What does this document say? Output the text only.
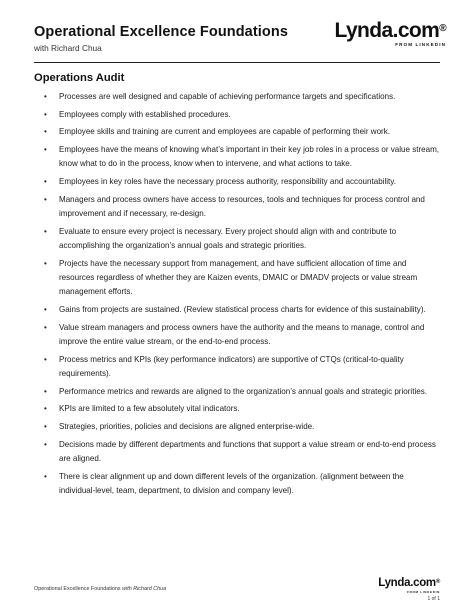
Operational Excellence Foundations
with Richard Chua
Lynda.com®
FROM LINKEDIN
Operations Audit
• Processes are well designed and capable of achieving performance targets and specifications.
• Employees comply with established procedures.
• Employee skills and training are current and employees are capable of performing their work.
• Employees have the means of knowing what’s important in their key job roles in a process or value stream, know what to do in the process, know when to intervene, and what actions to take.
• Employees in key roles have the necessary process authority, responsibility and accountability.
• Managers and process owners have access to resources, tools and techniques for process control and improvement and if necessary, re-design.
• Evaluate to ensure every project is necessary. Every project should align with and contribute to accomplishing the organization’s annual goals and strategic priorities.
• Projects have the necessary support from management, and have sufficient allocation of time and resources regardless of whether they are Kaizen events, DMAIC or DMADV projects or value stream management efforts.
• Gains from projects are sustained. (Review statistical process charts for evidence of this sustainability).
• Value stream managers and process owners have the authority and the means to manage, control and improve the entire value stream, or the end-to-end process.
• Process metrics and KPIs (key performance indicators) are supportive of CTQs (critical-to-quality requirements).
• Performance metrics and rewards are aligned to the organization’s annual goals and strategic priorities.
• KPIs are limited to a few absolutely vital indicators.
• Strategies, priorities, policies and decisions are aligned enterprise-wide.
• Decisions made by different departments and functions that support a value stream or end-to-end process are aligned.
• There is clear alignment up and down different levels of the organization. (alignment between the individual-level, team, department, to division and company level).
Operational Excellence Foundations with Richard Chua	Lynda.com®
FROM LINKEDIN
1 of 1
